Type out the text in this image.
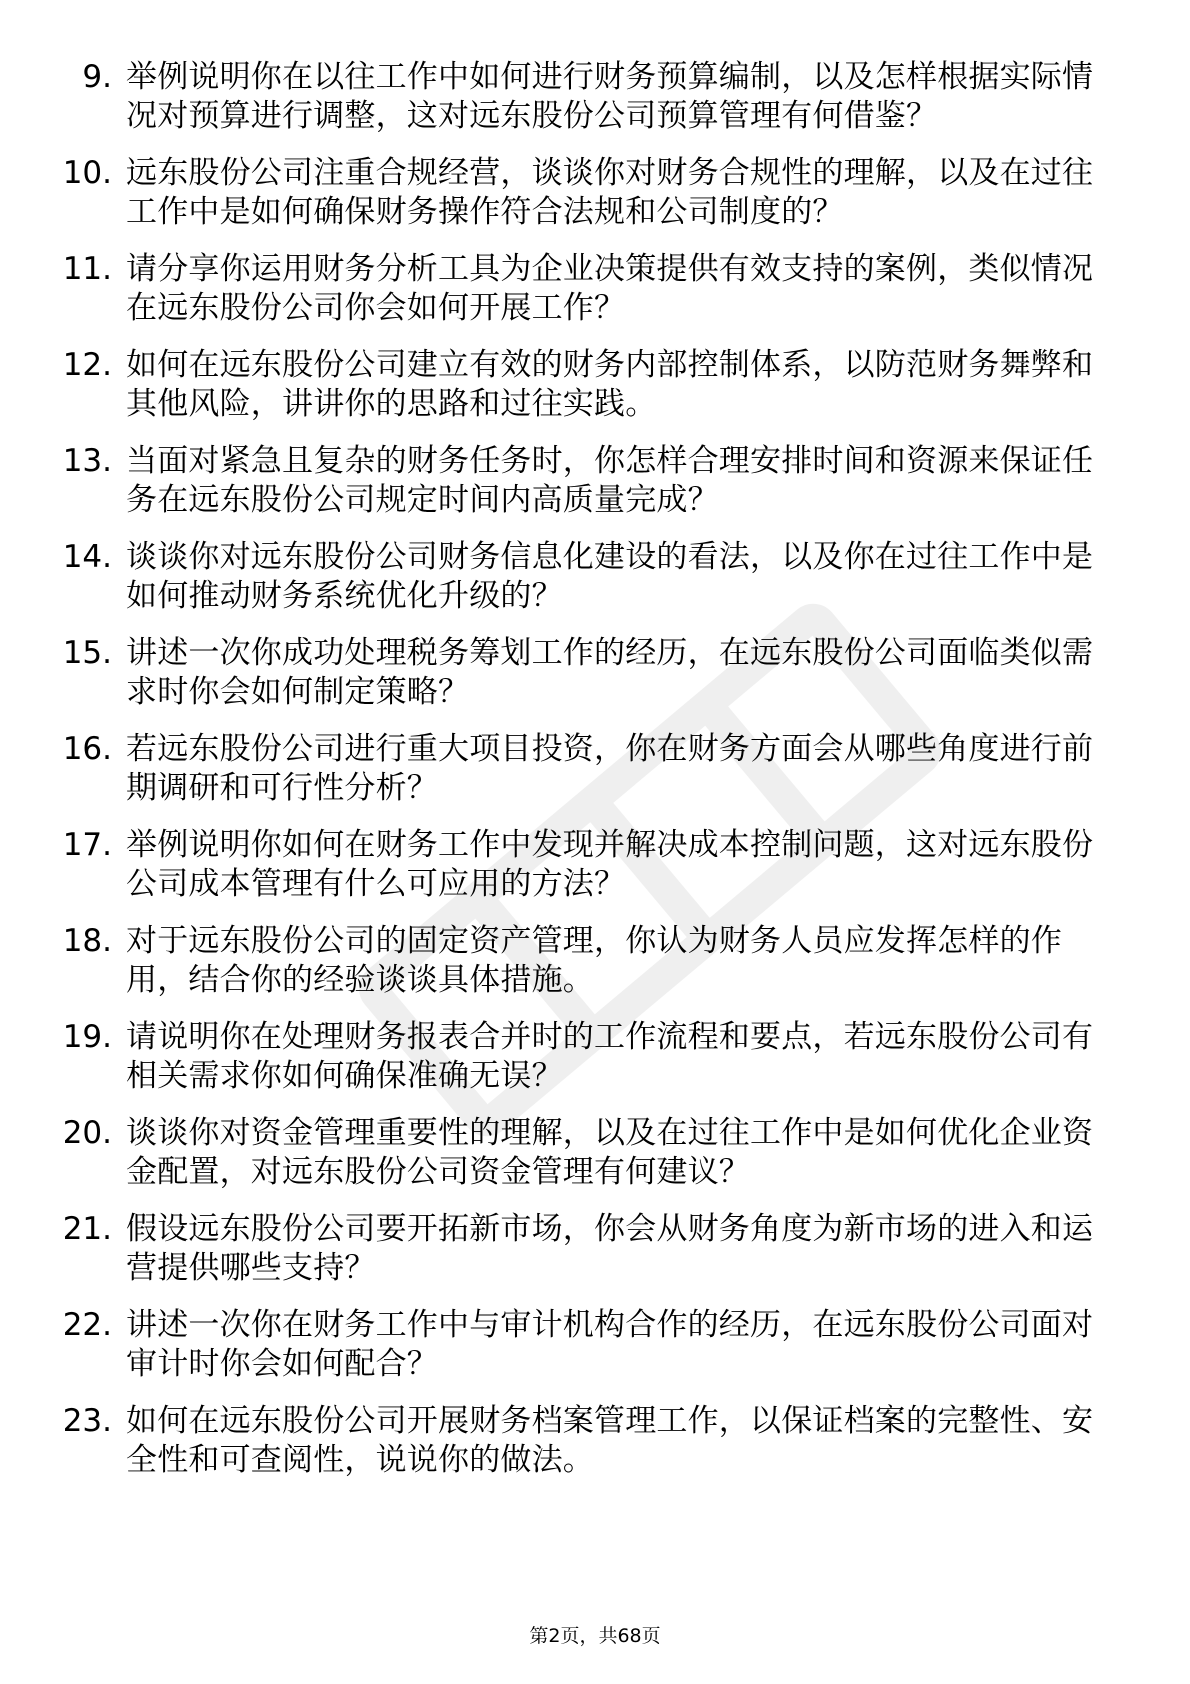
9. 举例说明你在以往工作中如何进行财务预算编制，以及怎样根据实际情况对预算进行调整，这对远东股份公司预算管理有何借鉴？
10. 远东股份公司注重合规经营，谈谈你对财务合规性的理解，以及在过往工作中是如何确保财务操作符合法规和公司制度的？
11. 请分享你运用财务分析工具为企业决策提供有效支持的案例，类似情况在远东股份公司你会如何开展工作？
12. 如何在远东股份公司建立有效的财务内部控制体系，以防范财务舞弊和其他风险，讲讲你的思路和过往实践。
13. 当面对紧急且复杂的财务任务时，你怎样合理安排时间和资源来保证任务在远东股份公司规定时间内高质量完成？
14. 谈谈你对远东股份公司财务信息化建设的看法，以及你在过往工作中是如何推动财务系统优化升级的？
15. 讲述一次你成功处理税务筹划工作的经历，在远东股份公司面临类似需求时你会如何制定策略？
16. 若远东股份公司进行重大项目投资，你在财务方面会从哪些角度进行前期调研和可行性分析？
17. 举例说明你如何在财务工作中发现并解决成本控制问题，这对远东股份公司成本管理有什么可应用的方法？
18. 对于远东股份公司的固定资产管理，你认为财务人员应发挥怎样的作用，结合你的经验谈谈具体措施。
19. 请说明你在处理财务报表合并时的工作流程和要点，若远东股份公司有相关需求你如何确保准确无误？
20. 谈谈你对资金管理重要性的理解，以及在过往工作中是如何优化企业资金配置，对远东股份公司资金管理有何建议？
21. 假设远东股份公司要开拓新市场，你会从财务角度为新市场的进入和运营提供哪些支持？
22. 讲述一次你在财务工作中与审计机构合作的经历，在远东股份公司面对审计时你会如何配合？
23. 如何在远东股份公司开展财务档案管理工作，以保证档案的完整性、安全性和可查阅性，说说你的做法。
第2页，共68页
